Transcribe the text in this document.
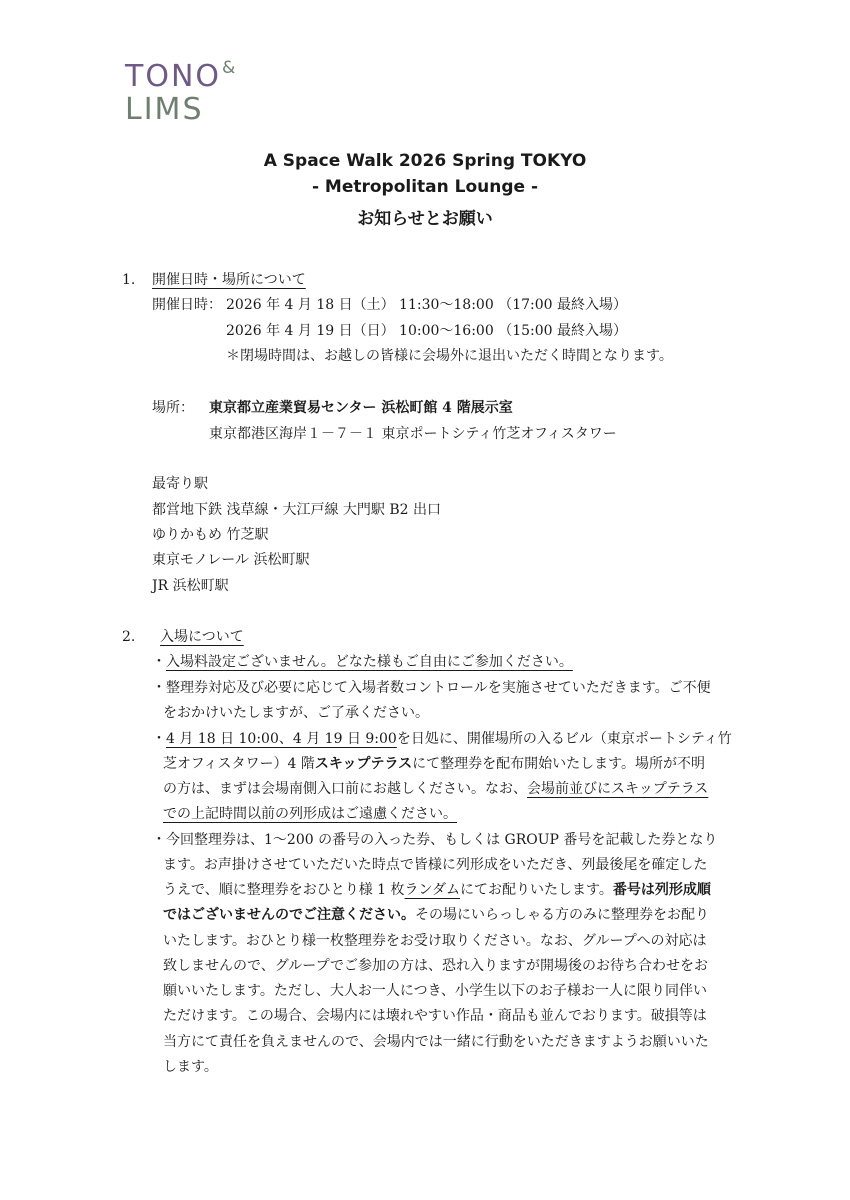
TONO&
LIMS
A Space Walk 2026 Spring TOKYO
- Metropolitan Lounge -
お知らせとお願い
1. 開催日時・場所について
開催日時： 2026 年 4 月 18 日（土） 11:30〜18:00 （17:00 最終入場）
2026 年 4 月 19 日（日） 10:00〜16:00 （15:00 最終入場）
＊閉場時間は、お越しの皆様に会場外に退出いただく時間となります。
場所： 東京都立産業貿易センター 浜松町館 4 階展示室
東京都港区海岸１－７－１ 東京ポートシティ竹芝オフィスタワー
最寄り駅
都営地下鉄 浅草線・大江戸線 大門駅 B2 出口
ゆりかもめ 竹芝駅
東京モノレール 浜松町駅
JR 浜松町駅
2. 入場について
・入場料設定ございません。どなた様もご自由にご参加ください。
・整理券対応及び必要に応じて入場者数コントロールを実施させていただきます。ご不便
をおかけいたしますが、ご了承ください。
・4 月 18 日 10:00、4 月 19 日 9:00を日処に、開催場所の入るビル（東京ポートシティ竹
芝オフィスタワー）4 階スキップテラスにて整理券を配布開始いたします。場所が不明
の方は、まずは会場南側入口前にお越しください。なお、会場前並びにスキップテラス
での上記時間以前の列形成はご遠慮ください。
・今回整理券は、1〜200 の番号の入った券、もしくは GROUP 番号を記載した券となり
ます。お声掛けさせていただいた時点で皆様に列形成をいただき、列最後尾を確定した
うえで、順に整理券をおひとり様 1 枚ランダムにてお配りいたします。番号は列形成順
ではございませんのでご注意ください。その場にいらっしゃる方のみに整理券をお配り
いたします。おひとり様一枚整理券をお受け取りください。なお、グループへの対応は
致しませんので、グループでご参加の方は、恐れ入りますが開場後のお待ち合わせをお
願いいたします。ただし、大人お一人につき、小学生以下のお子様お一人に限り同伴い
ただけます。この場合、会場内には壊れやすい作品・商品も並んでおります。破損等は
当方にて責任を負えませんので、会場内では一緒に行動をいただきますようお願いいた
します。
